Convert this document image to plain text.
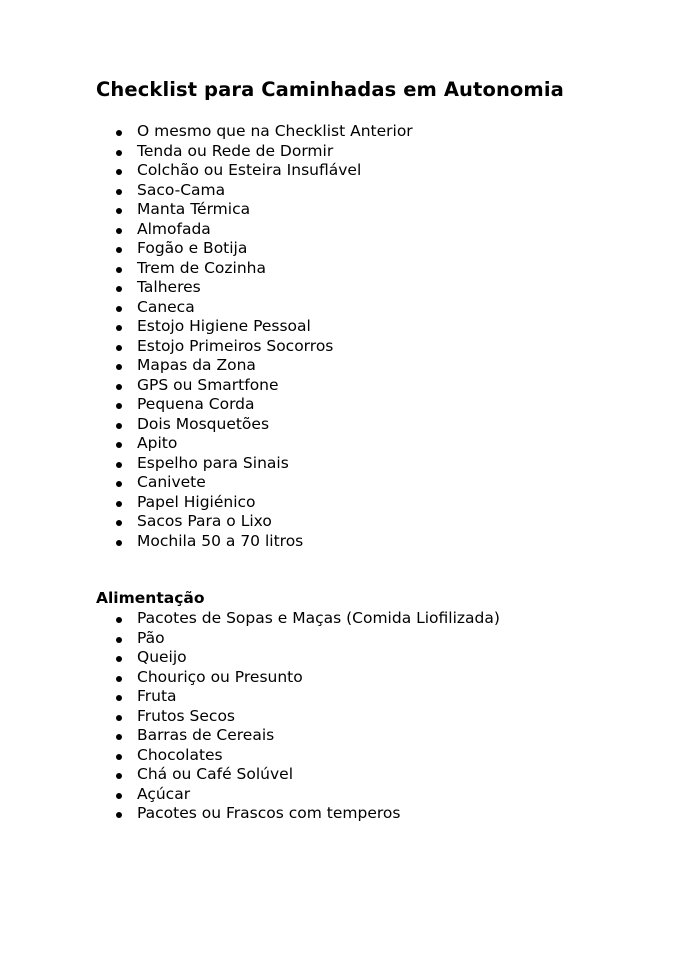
Checklist para Caminhadas em Autonomia
O mesmo que na Checklist Anterior
Tenda ou Rede de Dormir
Colchão ou Esteira Insuflável
Saco-Cama
Manta Térmica
Almofada
Fogão e Botija
Trem de Cozinha
Talheres
Caneca
Estojo Higiene Pessoal
Estojo Primeiros Socorros
Mapas da Zona
GPS ou Smartfone
Pequena Corda
Dois Mosquetões
Apito
Espelho para Sinais
Canivete
Papel Higiénico
Sacos Para o Lixo
Mochila 50 a 70 litros
Alimentação
Pacotes de Sopas e Maças (Comida Liofilizada)
Pão
Queijo
Chouriço ou Presunto
Fruta
Frutos Secos
Barras de Cereais
Chocolates
Chá ou Café Solúvel
Açúcar
Pacotes ou Frascos com temperos
